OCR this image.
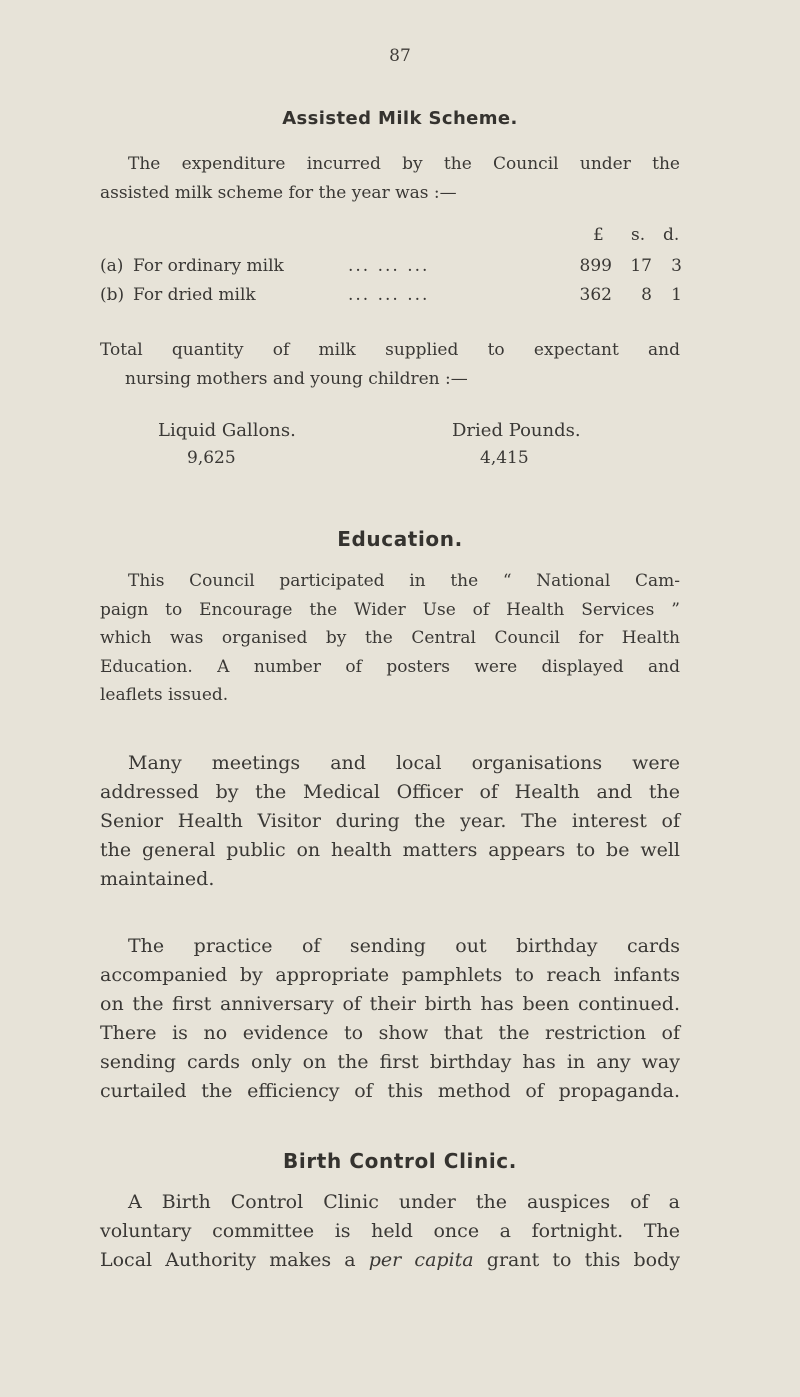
87
Assisted Milk Scheme.
The expenditure incurred by the Council under the
assisted milk scheme for the year was :—
£ s. d.
(a) For ordinary milk	... ... ...	899	17	3
(b) For dried milk	... ... ...	362	8	1
Total quantity of milk supplied to expectant and
nursing mothers and young children :—
Liquid Gallons.	Dried Pounds.
9,625	4,415
Education.
This Council participated in the “ National Cam-
paign to Encourage the Wider Use of Health Services ”
which was organised by the Central Council for Health
Education. A number of posters were displayed and
leaflets issued.
Many meetings and local organisations were
addressed by the Medical Officer of Health and the
Senior Health Visitor during the year. The interest of
the general public on health matters appears to be well
maintained.
The practice of sending out birthday cards
accompanied by appropriate pamphlets to reach infants
on the first anniversary of their birth has been continued.
There is no evidence to show that the restriction of
sending cards only on the first birthday has in any way
curtailed the efficiency of this method of propaganda.
Birth Control Clinic.
A Birth Control Clinic under the auspices of a
voluntary committee is held once a fortnight. The
Local Authority makes a per capita grant to this body
